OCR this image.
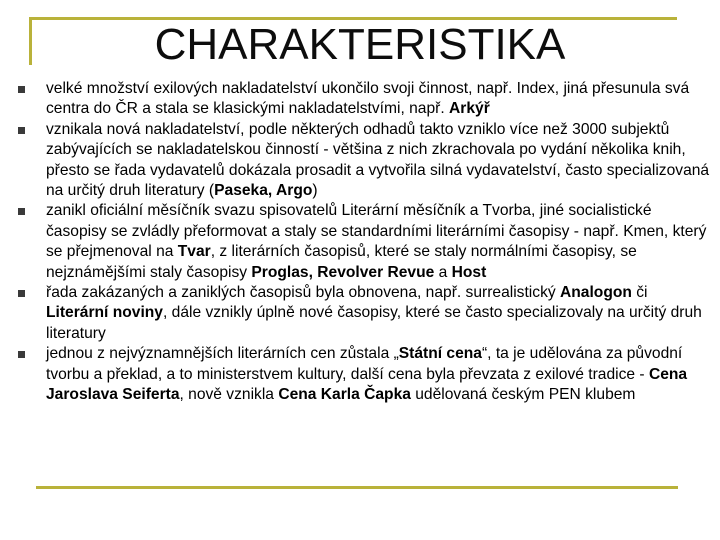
CHARAKTERISTIKA
velké množství exilových nakladatelství ukončilo svoji činnost, např. Index, jiná přesunula svá centra do ČR a stala se klasickými nakladatelstvími, např. Arkýř
vznikala nová nakladatelství, podle některých odhadů takto vzniklo více než 3000 subjektů zabývajících se nakladatelskou činností - většina z nich zkrachovala po vydání několika knih, přesto se řada vydavatelů dokázala prosadit a vytvořila silná vydavatelství, často specializovaná na určitý druh literatury (Paseka, Argo)
zanikl oficiální měsíčník svazu spisovatelů Literární měsíčník a Tvorba, jiné socialistické časopisy se zvládly přeformovat a staly se standardními literárními časopisy - např. Kmen, který se přejmenoval na Tvar, z literárních časopisů, které se staly normálními časopisy, se nejznámějšími staly časopisy Proglas, Revolver Revue a Host
řada zakázaných a zaniklých časopisů byla obnovena, např. surrealistický Analogon či Literární noviny, dále vznikly úplně nové časopisy, které se často specializovaly na určitý druh literatury
jednou z nejvýznamnějších literárních cen zůstala „Státní cena“, ta je udělována za původní tvorbu a překlad, a to ministerstvem kultury, další cena byla převzata z exilové tradice - Cena Jaroslava Seiferta, nově vznikla Cena Karla Čapka udělovaná českým PEN klubem
